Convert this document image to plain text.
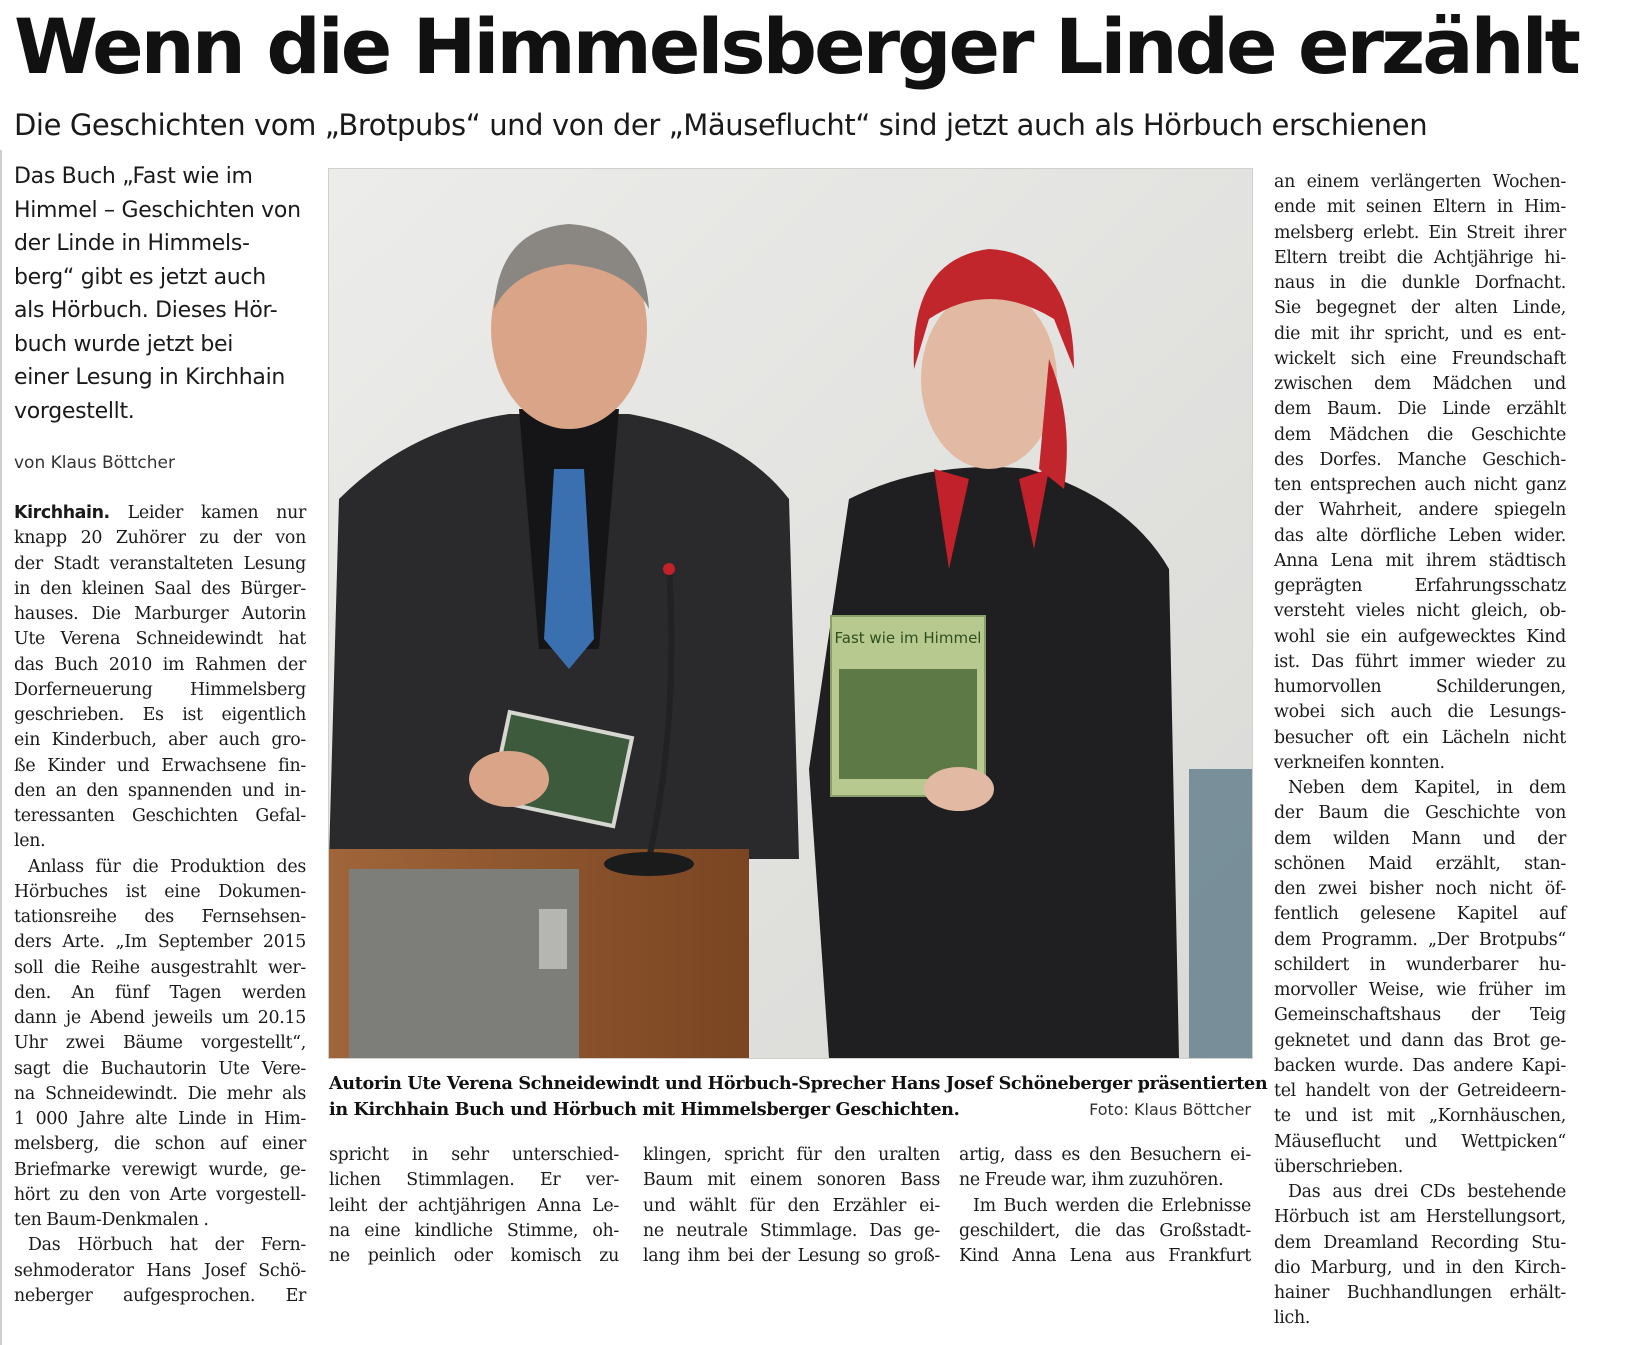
Wenn die Himmelsberger Linde erzählt
Die Geschichten vom „Brotpubs“ und von der „Mäuseflucht“ sind jetzt auch als Hörbuch erschienen
Das Buch „Fast wie im
Himmel – Geschichten von
der Linde in Himmels-
berg“ gibt es jetzt auch
als Hörbuch. Dieses Hör-
buch wurde jetzt bei
einer Lesung in Kirchhain
vorgestellt.
von Klaus Böttcher
Kirchhain. Leider kamen nur
knapp 20 Zuhörer zu der von
der Stadt veranstalteten Lesung
in den kleinen Saal des Bürger-
hauses. Die Marburger Autorin
Ute Verena Schneidewindt hat
das Buch 2010 im Rahmen der
Dorferneuerung Himmelsberg
geschrieben. Es ist eigentlich
ein Kinderbuch, aber auch gro-
ße Kinder und Erwachsene fin-
den an den spannenden und in-
teressanten Geschichten Gefal-
len.
Anlass für die Produktion des
Hörbuches ist eine Dokumen-
tationsreihe des Fernsehsen-
ders Arte. „Im September 2015
soll die Reihe ausgestrahlt wer-
den. An fünf Tagen werden
dann je Abend jeweils um 20.15
Uhr zwei Bäume vorgestellt“,
sagt die Buchautorin Ute Vere-
na Schneidewindt. Die mehr als
1 000 Jahre alte Linde in Him-
melsberg, die schon auf einer
Briefmarke verewigt wurde, ge-
hört zu den von Arte vorgestell-
ten Baum-Denkmalen .
Das Hörbuch hat der Fern-
sehmoderator Hans Josef Schö-
neberger aufgesprochen. Er
Fast wie im Himmel
Autorin Ute Verena Schneidewindt und Hörbuch-Sprecher Hans Josef Schöneberger präsentierten
in Kirchhain Buch und Hörbuch mit Himmelsberger Geschichten.	Foto: Klaus Böttcher
spricht in sehr unterschied-
lichen Stimmlagen. Er ver-
leiht der achtjährigen Anna Le-
na eine kindliche Stimme, oh-
ne peinlich oder komisch zu
klingen, spricht für den uralten
Baum mit einem sonoren Bass
und wählt für den Erzähler ei-
ne neutrale Stimmlage. Das ge-
lang ihm bei der Lesung so groß-
artig, dass es den Besuchern ei-
ne Freude war, ihm zuzuhören.
Im Buch werden die Erlebnisse
geschildert, die das Großstadt-
Kind Anna Lena aus Frankfurt
an einem verlängerten Wochen-
ende mit seinen Eltern in Him-
melsberg erlebt. Ein Streit ihrer
Eltern treibt die Achtjährige hi-
naus in die dunkle Dorfnacht.
Sie begegnet der alten Linde,
die mit ihr spricht, und es ent-
wickelt sich eine Freundschaft
zwischen dem Mädchen und
dem Baum. Die Linde erzählt
dem Mädchen die Geschichte
des Dorfes. Manche Geschich-
ten entsprechen auch nicht ganz
der Wahrheit, andere spiegeln
das alte dörfliche Leben wider.
Anna Lena mit ihrem städtisch
geprägten Erfahrungsschatz
versteht vieles nicht gleich, ob-
wohl sie ein aufgewecktes Kind
ist. Das führt immer wieder zu
humorvollen Schilderungen,
wobei sich auch die Lesungs-
besucher oft ein Lächeln nicht
verkneifen konnten.
Neben dem Kapitel, in dem
der Baum die Geschichte von
dem wilden Mann und der
schönen Maid erzählt, stan-
den zwei bisher noch nicht öf-
fentlich gelesene Kapitel auf
dem Programm. „Der Brotpubs“
schildert in wunderbarer hu-
morvoller Weise, wie früher im
Gemeinschaftshaus der Teig
geknetet und dann das Brot ge-
backen wurde. Das andere Kapi-
tel handelt von der Getreideern-
te und ist mit „Kornhäuschen,
Mäuseflucht und Wettpicken“
überschrieben.
Das aus drei CDs bestehende
Hörbuch ist am Herstellungsort,
dem Dreamland Recording Stu-
dio Marburg, und in den Kirch-
hainer Buchhandlungen erhält-
lich.
